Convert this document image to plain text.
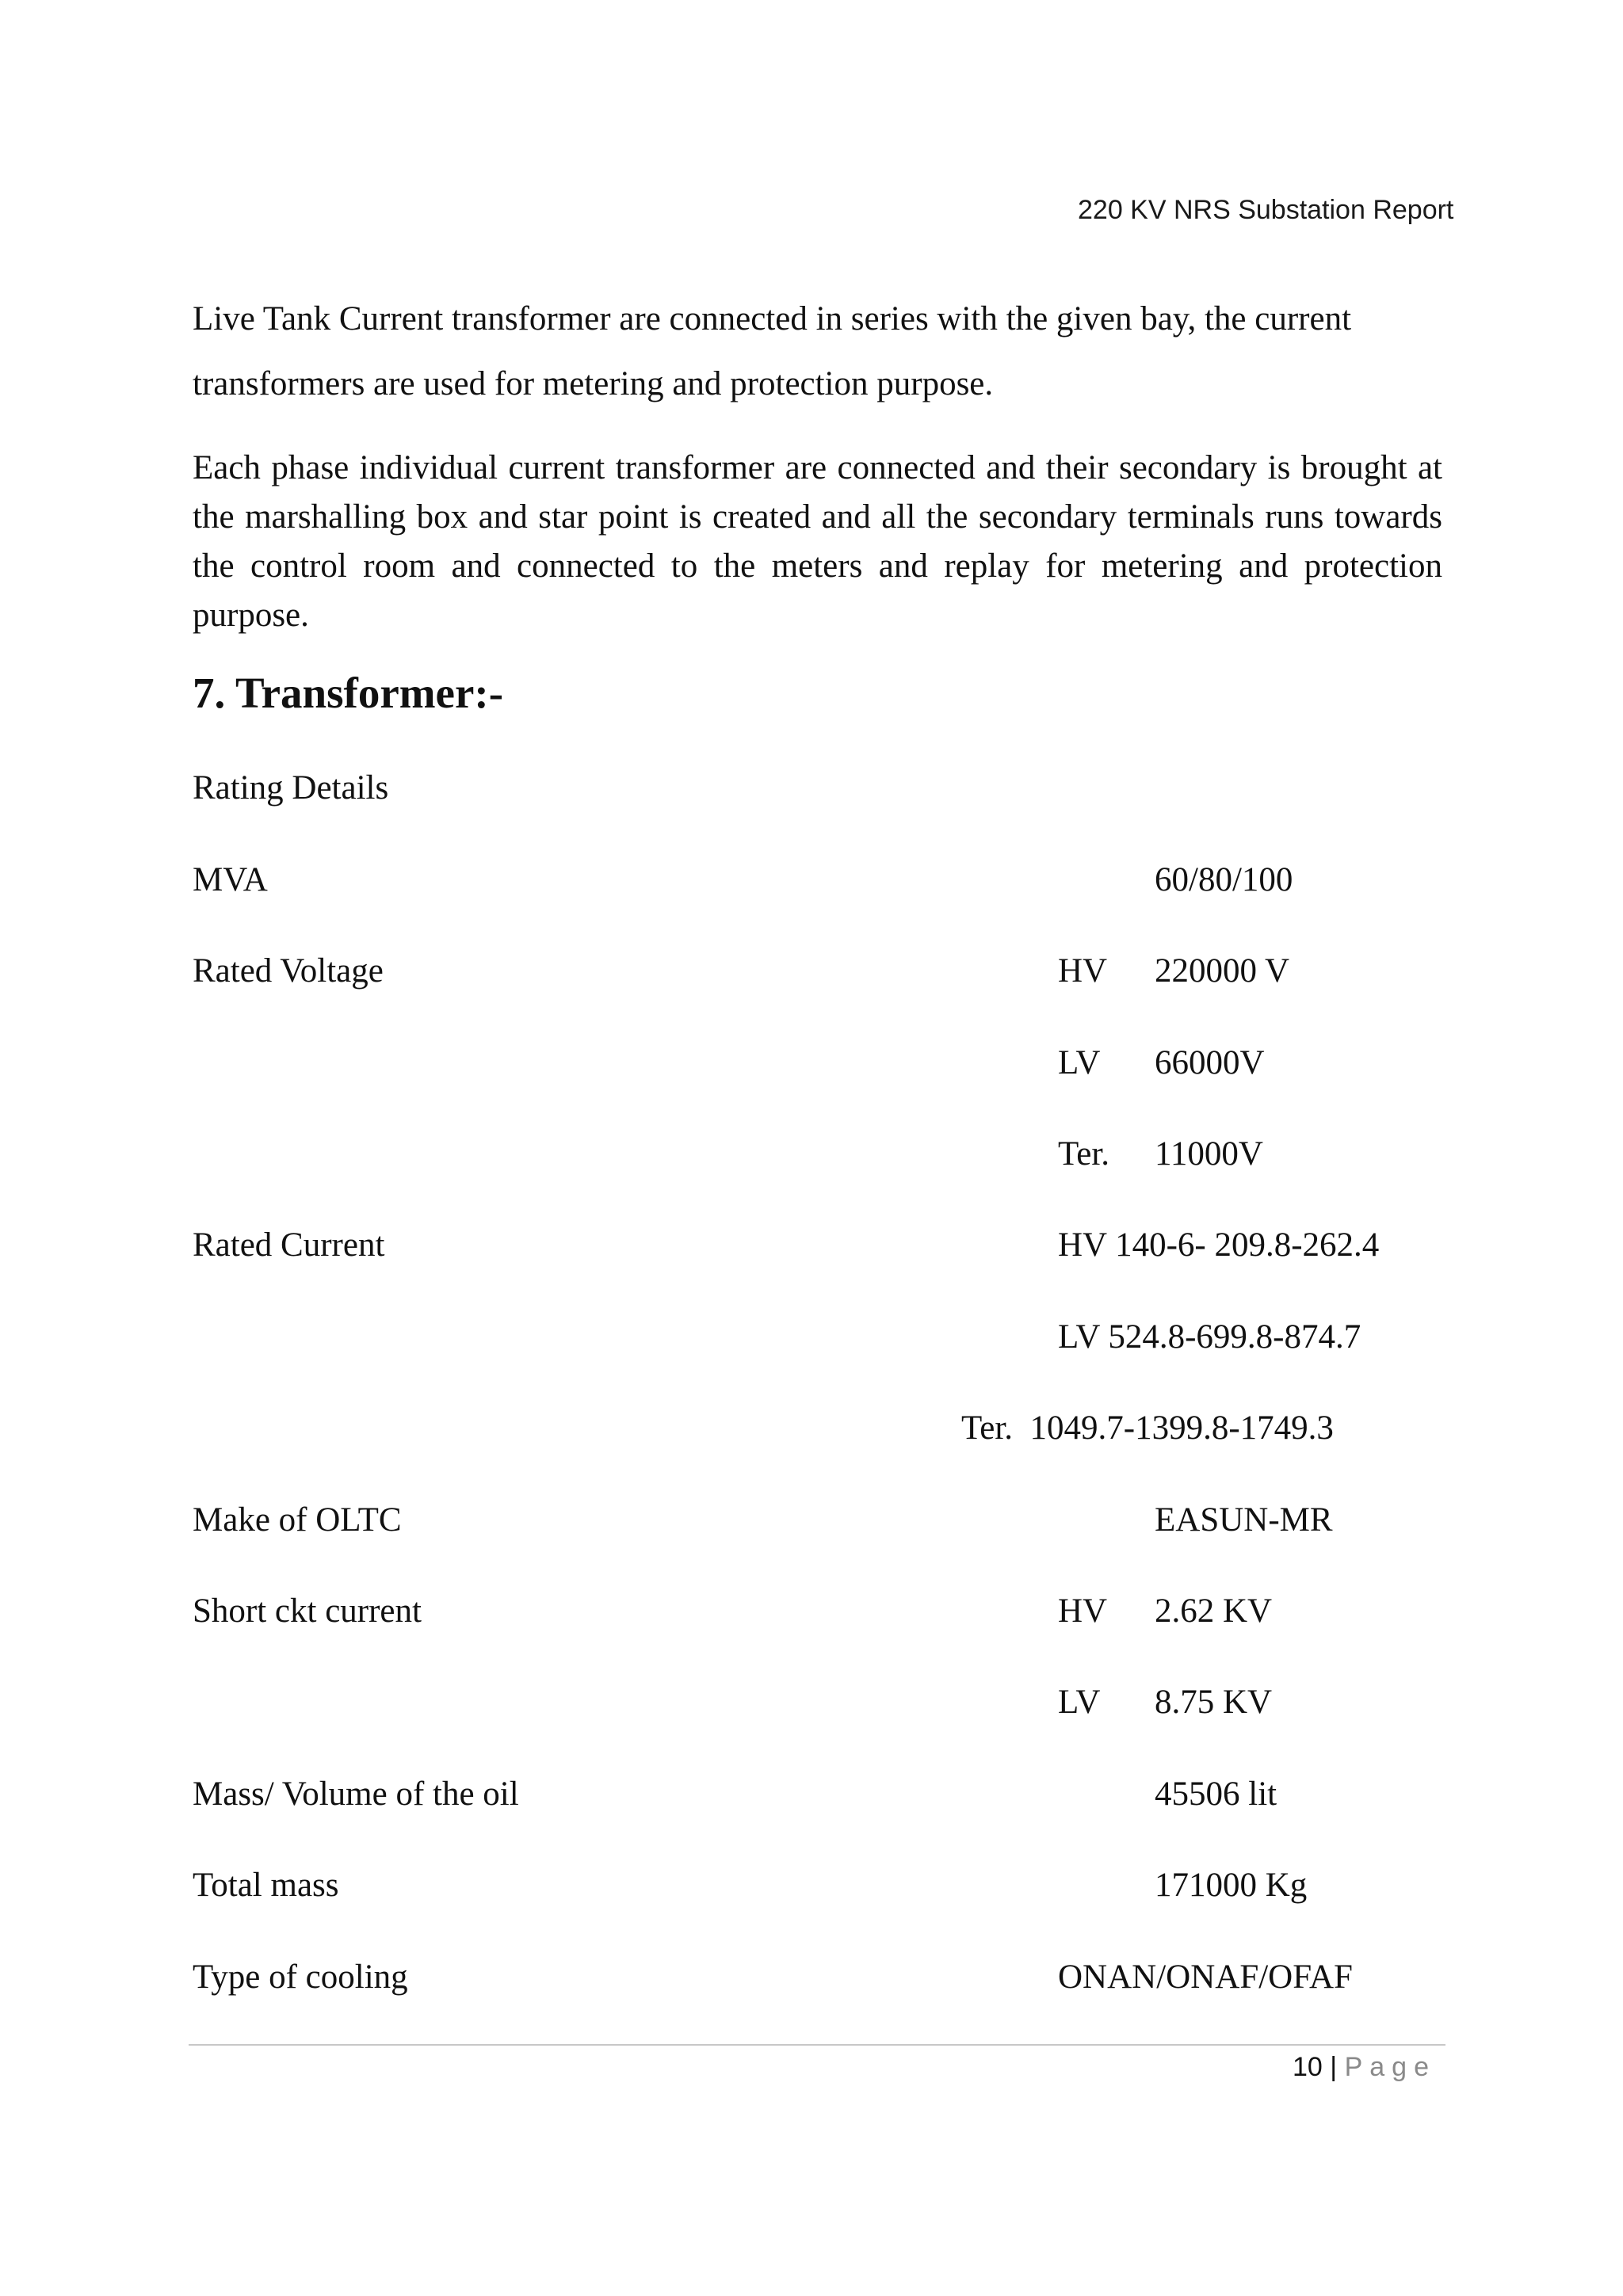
220 KV NRS Substation Report
Live Tank Current transformer are connected in series with the given bay, the current transformers are used for metering and protection purpose.
Each phase individual current transformer are connected and their secondary is brought at the marshalling box and star point is created and all the secondary terminals runs towards the control room and connected to the meters and replay for metering and protection purpose.
7. Transformer:-
Rating Details
MVA	60/80/100
Rated Voltage	HV 220000 V
LV 66000V
Ter. 11000V
Rated Current	HV 140-6- 209.8-262.4
LV 524.8-699.8-874.7
Ter.  1049.7-1399.8-1749.3
Make of OLTC	EASUN-MR
Short ckt current	HV 2.62 KV
LV 8.75 KV
Mass/ Volume of the oil	45506 lit
Total mass	171000 Kg
Type of cooling	ONAN/ONAF/OFAF
10 | Page
